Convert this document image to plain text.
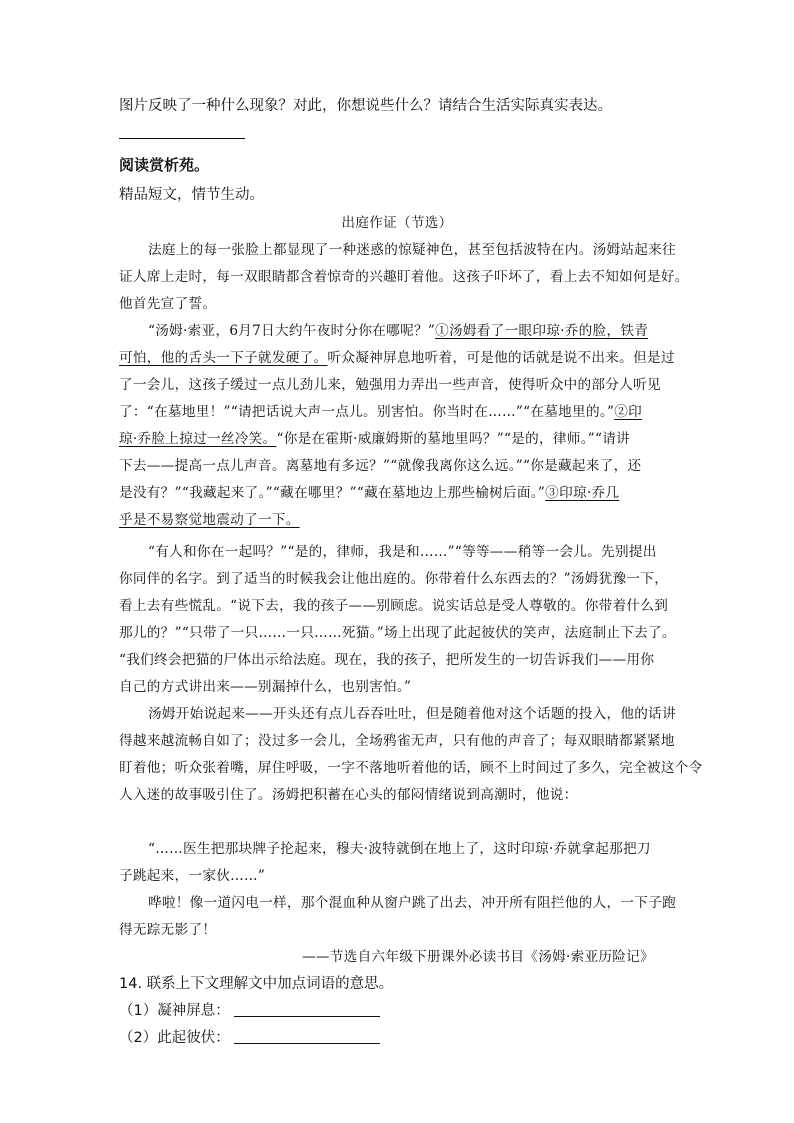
图片反映了一种什么现象？对此，你想说些什么？请结合生活实际真实表达。
阅读赏析苑。
精品短文，情节生动。
出庭作证（节选）
法庭上的每一张脸上都显现了一种迷惑的惊疑神色，甚至包括波特在内。汤姆站起来往
证人席上走时，每一双眼睛都含着惊奇的兴趣盯着他。这孩子吓坏了，看上去不知如何是好。
他首先宣了誓。
“汤姆·索亚，6月7日大约午夜时分你在哪呢？”①汤姆看了一眼印琼·乔的脸，铁青
可怕，他的舌头一下子就发硬了。听众凝神屏息地听着，可是他的话就是说不出来。但是过
了一会儿，这孩子缓过一点儿劲儿来，勉强用力弄出一些声音，使得听众中的部分人听见
了：“在墓地里！”“请把话说大声一点儿。别害怕。你当时在……”“在墓地里的。”②印
琼·乔脸上掠过一丝冷笑。“你是在霍斯·威廉姆斯的墓地里吗？”“是的，律师。”“请讲
下去——提高一点儿声音。离墓地有多远？”“就像我离你这么远。”“你是藏起来了，还
是没有？”“我藏起来了。”“藏在哪里？”“藏在墓地边上那些榆树后面。”③印琼·乔几
乎是不易察觉地震动了一下。
“有人和你在一起吗？”“是的，律师，我是和……”“等等——稍等一会儿。先别提出
你同伴的名字。到了适当的时候我会让他出庭的。你带着什么东西去的？”汤姆犹豫一下，
看上去有些慌乱。“说下去，我的孩子——别顾虑。说实话总是受人尊敬的。你带着什么到
那儿的？”“只带了一只……一只……死猫。”场上出现了此起彼伏的笑声，法庭制止下去了。
“我们终会把猫的尸体出示给法庭。现在，我的孩子，把所发生的一切告诉我们——用你
自己的方式讲出来——别漏掉什么，也别害怕。”
汤姆开始说起来——开头还有点儿吞吞吐吐，但是随着他对这个话题的投入，他的话讲
得越来越流畅自如了；没过多一会儿，全场鸦雀无声，只有他的声音了；每双眼睛都紧紧地
盯着他；听众张着嘴，屏住呼吸，一字不落地听着他的话，顾不上时间过了多久，完全被这个令
人入迷的故事吸引住了。汤姆把积蓄在心头的郁闷情绪说到高潮时，他说：
“……医生把那块牌子抡起来，穆夫·波特就倒在地上了，这时印琼·乔就拿起那把刀
子跳起来，一家伙……”
哗啦！像一道闪电一样，那个混血种从窗户跳了出去，冲开所有阻拦他的人，一下子跑
得无踪无影了！
——节选自六年级下册课外必读书目《汤姆·索亚历险记》
14. 联系上下文理解文中加点词语的意思。
（1）凝神屏息：
（2）此起彼伏：
